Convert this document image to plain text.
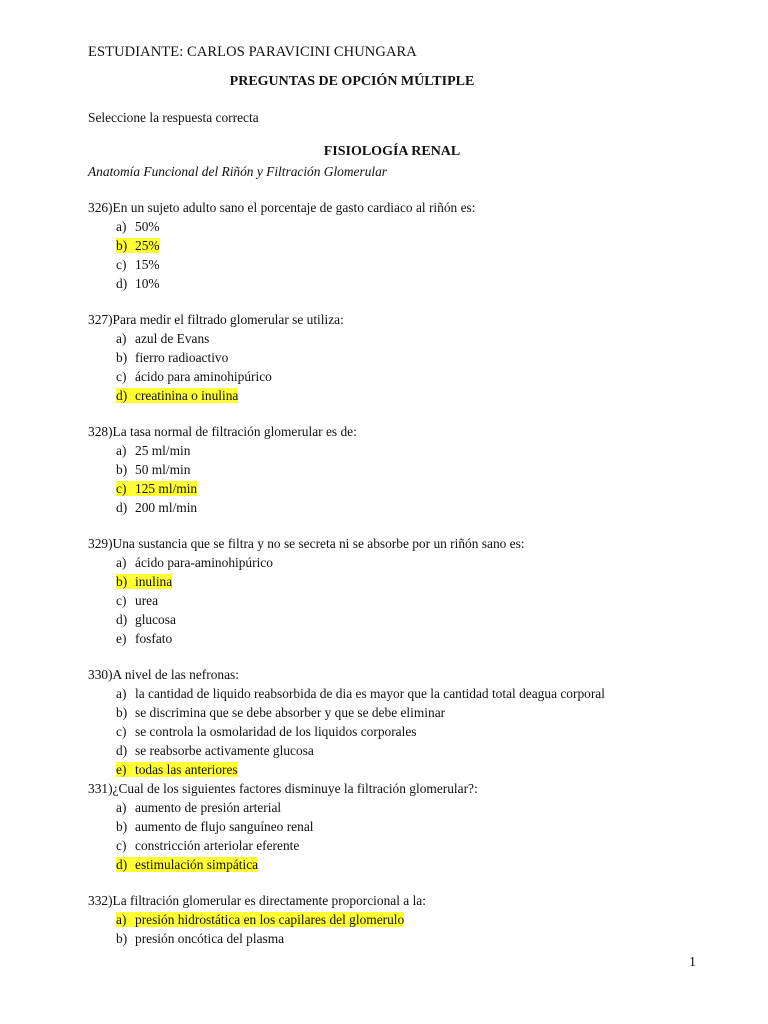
ESTUDIANTE: CARLOS PARAVICINI CHUNGARA
PREGUNTAS DE OPCIÓN MÚLTIPLE
Seleccione la respuesta correcta
FISIOLOGÍA RENAL
Anatomía Funcional del Riñón y Filtración Glomerular
326)En un sujeto adulto sano el porcentaje de gasto cardiaco al riñón es:
a) 50%
b) 25%
c) 15%
d) 10%
327)Para medir el filtrado glomerular se utiliza:
a) azul de Evans
b) fierro radioactivo
c) ácido para aminohipúrico
d) creatinina o inulina
328)La tasa normal de filtración glomerular es de:
a) 25 ml/min
b) 50 ml/min
c) 125 ml/min
d) 200 ml/min
329)Una sustancia que se filtra y no se secreta ni se absorbe por un riñón sano es:
a) ácido para-aminohipúrico
b) inulina
c) urea
d) glucosa
e) fosfato
330)A nivel de las nefronas:
a) la cantidad de liquido reabsorbida de dia es mayor que la cantidad total deagua corporal
b) se discrimina que se debe absorber y que se debe eliminar
c) se controla la osmolaridad de los liquidos corporales
d) se reabsorbe activamente glucosa
e) todas las anteriores
331)¿Cual de los siguientes factores disminuye la filtración glomerular?:
a) aumento de presión arterial
b) aumento de flujo sanguíneo renal
c) constricción arteriolar eferente
d) estimulación simpática
332)La filtración glomerular es directamente proporcional a la:
a) presión hidrostática en los capilares del glomerulo
b) presión oncótica del plasma
1
